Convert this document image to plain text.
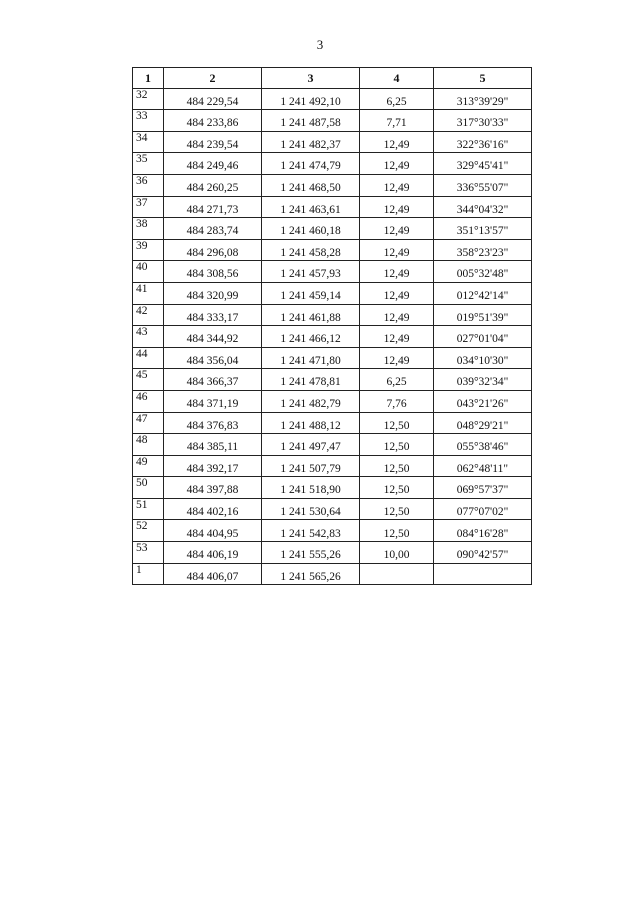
3
1	2	3	4	5
32	484 229,54	1 241 492,10	6,25	313°39'29"
33	484 233,86	1 241 487,58	7,71	317°30'33"
34	484 239,54	1 241 482,37	12,49	322°36'16"
35	484 249,46	1 241 474,79	12,49	329°45'41"
36	484 260,25	1 241 468,50	12,49	336°55'07"
37	484 271,73	1 241 463,61	12,49	344°04'32"
38	484 283,74	1 241 460,18	12,49	351°13'57"
39	484 296,08	1 241 458,28	12,49	358°23'23"
40	484 308,56	1 241 457,93	12,49	005°32'48"
41	484 320,99	1 241 459,14	12,49	012°42'14"
42	484 333,17	1 241 461,88	12,49	019°51'39"
43	484 344,92	1 241 466,12	12,49	027°01'04"
44	484 356,04	1 241 471,80	12,49	034°10'30"
45	484 366,37	1 241 478,81	6,25	039°32'34"
46	484 371,19	1 241 482,79	7,76	043°21'26"
47	484 376,83	1 241 488,12	12,50	048°29'21"
48	484 385,11	1 241 497,47	12,50	055°38'46"
49	484 392,17	1 241 507,79	12,50	062°48'11"
50	484 397,88	1 241 518,90	12,50	069°57'37"
51	484 402,16	1 241 530,64	12,50	077°07'02"
52	484 404,95	1 241 542,83	12,50	084°16'28"
53	484 406,19	1 241 555,26	10,00	090°42'57"
1	484 406,07	1 241 565,26		
